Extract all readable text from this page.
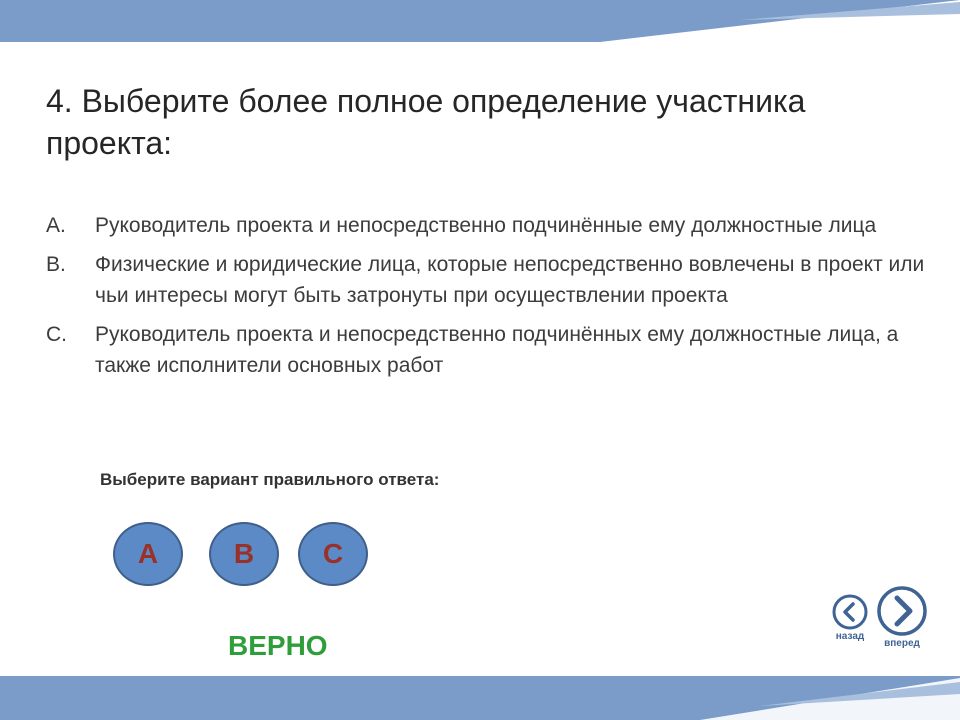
4. Выберите более полное определение участника проекта:
A. Руководитель проекта и непосредственно подчинённые ему должностные лица
B. Физические и юридические лица, которые непосредственно вовлечены в проект или чьи интересы могут быть затронуты при осуществлении проекта
C. Руководитель проекта и непосредственно подчинённых ему должностные лица, а также исполнители основных работ
Выберите вариант правильного ответа:
A	B C
ВЕРНО	назад
вперед
